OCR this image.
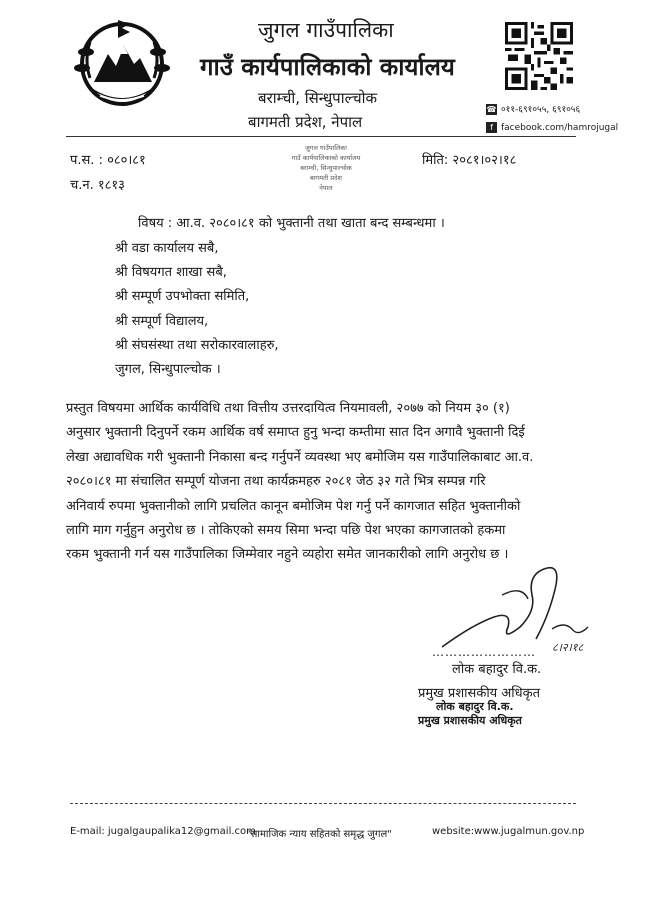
जुगल गाउँपालिका
गाउँ कार्यपालिकाको कार्यालय
बराम्ची, सिन्धुपाल्चोक
बागमती प्रदेश, नेपाल
☎ ०११-६९१०५५, ६९१०५६
f facebook.com/hamrojugal
जुगल गाउँपालिका
गाउँ कार्यपालिकाको कार्यालय
बराम्ची, सिन्धुपाल्चोक
बागमती प्रदेश
नेपाल
प.स. : ०८०।८१
च.न. १८१३
मिति: २०८१।०२।१८
विषय : आ.व. २०८०।८१ को भुक्तानी तथा खाता बन्द सम्बन्धमा ।
श्री वडा कार्यालय सबै,
श्री विषयगत शाखा सबै,
श्री सम्पूर्ण उपभोक्ता समिति,
श्री सम्पूर्ण विद्यालय,
श्री संघसंस्था तथा सरोकारवालाहरु,
जुगल, सिन्धुपाल्चोक ।
प्रस्तुत विषयमा आर्थिक कार्यविधि तथा वित्तीय उत्तरदायित्व नियमावली, २०७७ को नियम ३० (१)
अनुसार भुक्तानी दिनुपर्ने रकम आर्थिक वर्ष समाप्त हुनु भन्दा कम्तीमा सात दिन अगावै भुक्तानी दिई
लेखा अद्यावधिक गरी भुक्तानी निकासा बन्द गर्नुपर्ने व्यवस्था भए बमोजिम यस गाउँपालिकाबाट आ.व.
२०८०।८१ मा संचालित सम्पूर्ण योजना तथा कार्यक्रमहरु २०८१ जेठ ३२ गते भित्र सम्पन्न गरि
अनिवार्य रुपमा भुक्तानीको लागि प्रचलित कानून बमोजिम पेश गर्नु पर्ने कागजात सहित भुक्तानीको
लागि माग गर्नुहुन अनुरोध छ । तोकिएको समय सिमा भन्दा पछि पेश भएका कागजातको हकमा
रकम भुक्तानी गर्न यस गाउँपालिका जिम्मेवार नहुने व्यहोरा समेत जानकारीको लागि अनुरोध छ ।
८।२।१८
……………………
लोक बहादुर वि.क.
प्रमुख प्रशासकीय अधिकृत
लोक बहादुर वि.क.
प्रमुख प्रशासकीय अधिकृत
E-mail: jugalgaupalika12@gmail.com
"सामाजिक न्याय सहितको समृद्ध जुगल"	website:www.jugalmun.gov.np
